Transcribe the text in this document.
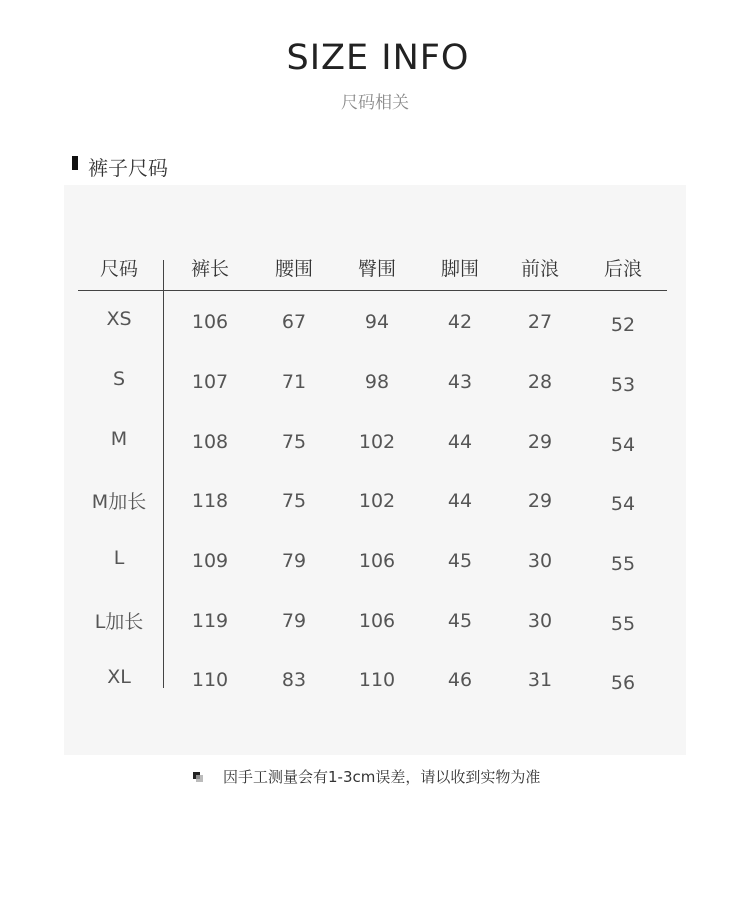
SIZE INFO
尺码相关
裤子尺码
尺码	裤长	腰围	臀围	脚围	前浪	后浪
XS	106	67	94	42	27	52
S	107	71	98	43	28	53
M	108	75	102	44	29	54
M加长	118	75	102	44	29	54
L	109	79	106	45	30	55
L加长	119	79	106	45	30	55
XL	110	83	110	46	31	56
因手工测量会有1-3cm误差，请以收到实物为准
